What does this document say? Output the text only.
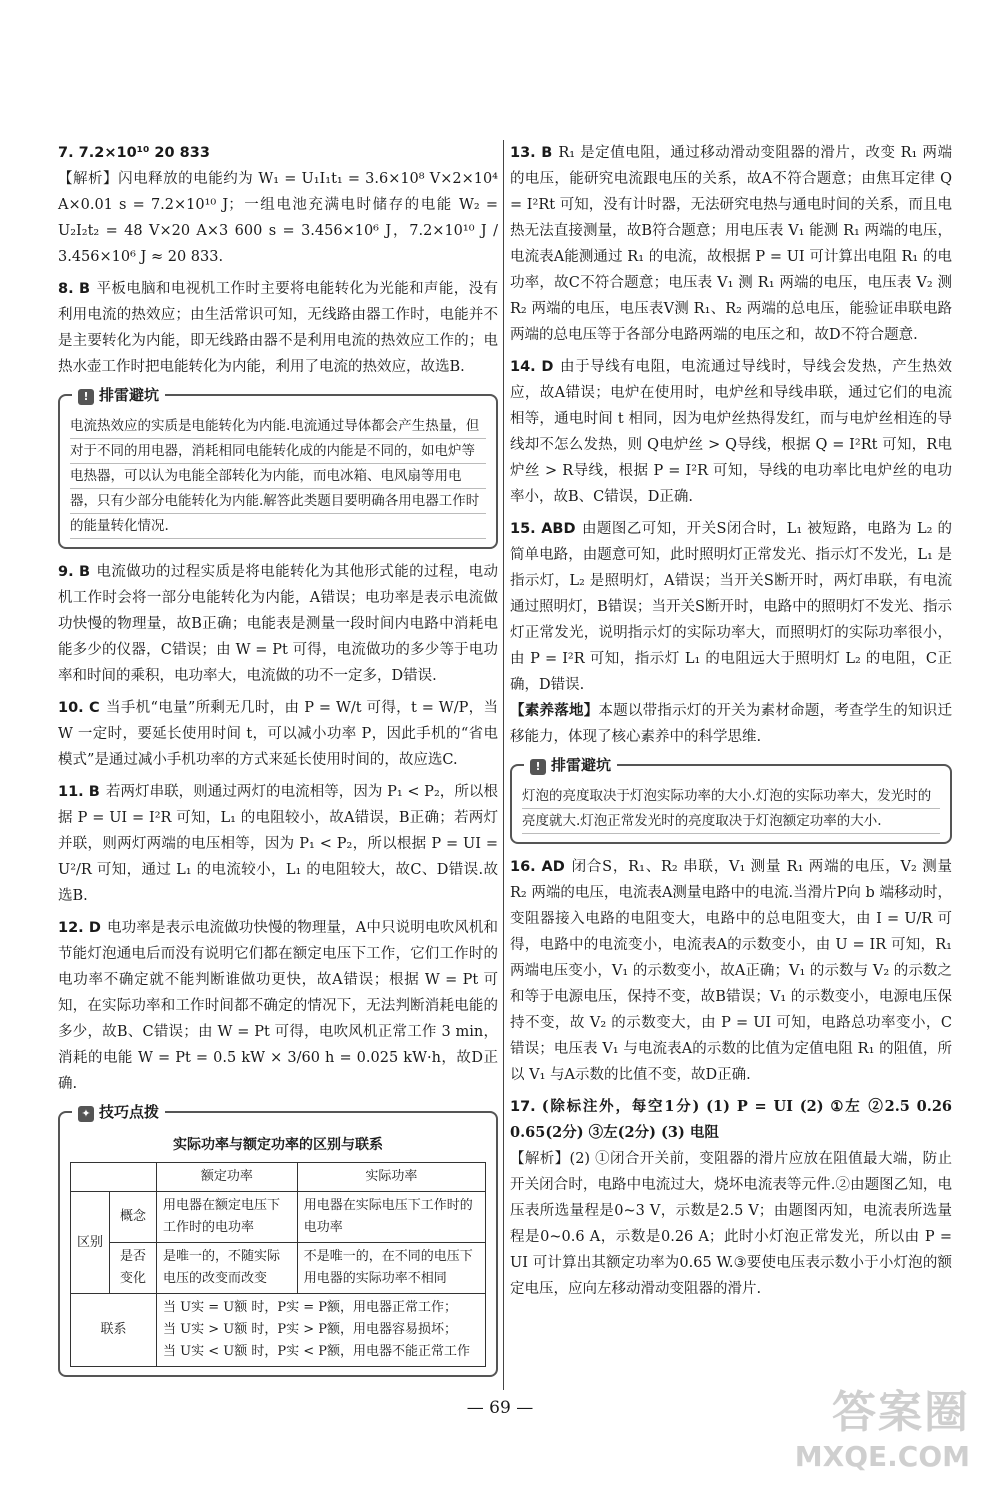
7. 7.2×10¹⁰ 20 833
【解析】闪电释放的电能约为 W₁ = U₁I₁t₁ = 3.6×10⁸ V×2×10⁴ A×0.01 s = 7.2×10¹⁰ J；一组电池充满电时储存的电能 W₂ = U₂I₂t₂ = 48 V×20 A×3 600 s = 3.456×10⁶ J，7.2×10¹⁰ J / 3.456×10⁶ J ≈ 20 833.
8. B 平板电脑和电视机工作时主要将电能转化为光能和声能，没有利用电流的热效应；由生活常识可知，无线路由器工作时，电能并不是主要转化为内能，即无线路由器不是利用电流的热效应工作的；电热水壶工作时把电能转化为内能，利用了电流的热效应，故选B.
! 排雷避坑
电流热效应的实质是电能转化为内能.电流通过导体都会产生热量，但对于不同的用电器，消耗相同电能转化成的内能是不同的，如电炉等电热器，可以认为电能全部转化为内能，而电冰箱、电风扇等用电器，只有少部分电能转化为内能.解答此类题目要明确各用电器工作时的能量转化情况.
9. B 电流做功的过程实质是将电能转化为其他形式能的过程，电动机工作时会将一部分电能转化为内能，A错误；电功率是表示电流做功快慢的物理量，故B正确；电能表是测量一段时间内电路中消耗电能多少的仪器，C错误；由 W = Pt 可得，电流做功的多少等于电功率和时间的乘积，电功率大，电流做的功不一定多，D错误.
10. C 当手机“电量”所剩无几时，由 P = W/t 可得，t = W/P，当 W 一定时，要延长使用时间 t，可以减小功率 P，因此手机的“省电模式”是通过减小手机功率的方式来延长使用时间的，故应选C.
11. B 若两灯串联，则通过两灯的电流相等，因为 P₁ < P₂，所以根据 P = UI = I²R 可知，L₁ 的电阻较小，故A错误，B正确；若两灯并联，则两灯两端的电压相等，因为 P₁ < P₂，所以根据 P = UI = U²/R 可知，通过 L₁ 的电流较小，L₁ 的电阻较大，故C、D错误.故选B.
12. D 电功率是表示电流做功快慢的物理量，A中只说明电吹风机和节能灯泡通电后而没有说明它们都在额定电压下工作，它们工作时的电功率不确定就不能判断谁做功更快，故A错误；根据 W = Pt 可知，在实际功率和工作时间都不确定的情况下，无法判断消耗电能的多少，故B、C错误；由 W = Pt 可得，电吹风机正常工作 3 min，消耗的电能 W = Pt = 0.5 kW × 3/60 h = 0.025 kW·h，故D正确.
✦ 技巧点拨
实际功率与额定功率的区别与联系
		额定功率	实际功率
区别	概念	用电器在额定电压下工作时的电功率	用电器在实际电压下工作时的电功率
	是否变化	是唯一的，不随实际电压的改变而改变	不是唯一的，在不同的电压下用电器的实际功率不相同
联系		当 U实 = U额 时，P实 = P额，用电器正常工作；
当 U实 > U额 时，P实 > P额，用电器容易损坏；
当 U实 < U额 时，P实 < P额，用电器不能正常工作	
13. B R₁ 是定值电阻，通过移动滑动变阻器的滑片，改变 R₁ 两端的电压，能研究电流跟电压的关系，故A不符合题意；由焦耳定律 Q = I²Rt 可知，没有计时器，无法研究电热与通电时间的关系，而且电热无法直接测量，故B符合题意；用电压表 V₁ 能测 R₁ 两端的电压，电流表A能测通过 R₁ 的电流，故根据 P = UI 可计算出电阻 R₁ 的电功率，故C不符合题意；电压表 V₁ 测 R₁ 两端的电压，电压表 V₂ 测 R₂ 两端的电压，电压表V测 R₁、R₂ 两端的总电压，能验证串联电路两端的总电压等于各部分电路两端的电压之和，故D不符合题意.
14. D 由于导线有电阻，电流通过导线时，导线会发热，产生热效应，故A错误；电炉在使用时，电炉丝和导线串联，通过它们的电流相等，通电时间 t 相同，因为电炉丝热得发红，而与电炉丝相连的导线却不怎么发热，则 Q电炉丝 > Q导线，根据 Q = I²Rt 可知，R电炉丝 > R导线，根据 P = I²R 可知，导线的电功率比电炉丝的电功率小，故B、C错误，D正确.
15. ABD 由题图乙可知，开关S闭合时，L₁ 被短路，电路为 L₂ 的简单电路，由题意可知，此时照明灯正常发光、指示灯不发光，L₁ 是指示灯，L₂ 是照明灯，A错误；当开关S断开时，两灯串联，有电流通过照明灯，B错误；当开关S断开时，电路中的照明灯不发光、指示灯正常发光，说明指示灯的实际功率大，而照明灯的实际功率很小，由 P = I²R 可知，指示灯 L₁ 的电阻远大于照明灯 L₂ 的电阻，C正确，D错误.
【素养落地】本题以带指示灯的开关为素材命题，考查学生的知识迁移能力，体现了核心素养中的科学思维.
! 排雷避坑
灯泡的亮度取决于灯泡实际功率的大小.灯泡的实际功率大，发光时的亮度就大.灯泡正常发光时的亮度取决于灯泡额定功率的大小.
16. AD 闭合S，R₁、R₂ 串联，V₁ 测量 R₁ 两端的电压，V₂ 测量 R₂ 两端的电压，电流表A测量电路中的电流.当滑片P向 b 端移动时，变阻器接入电路的电阻变大，电路中的总电阻变大，由 I = U/R 可得，电路中的电流变小，电流表A的示数变小，由 U = IR 可知，R₁ 两端电压变小，V₁ 的示数变小，故A正确；V₁ 的示数与 V₂ 的示数之和等于电源电压，保持不变，故B错误；V₁ 的示数变小，电源电压保持不变，故 V₂ 的示数变大，由 P = UI 可知，电路总功率变小，C错误；电压表 V₁ 与电流表A的示数的比值为定值电阻 R₁ 的阻值，所以 V₁ 与A示数的比值不变，故D正确.
17. (除标注外，每空1分) (1) P = UI (2) ①左 ②2.5 0.26 0.65(2分) ③左(2分) (3) 电阻
【解析】(2) ①闭合开关前，变阻器的滑片应放在阻值最大端，防止开关闭合时，电路中电流过大，烧坏电流表等元件.②由题图乙知，电压表所选量程是0~3 V，示数是2.5 V；由题图丙知，电流表所选量程是0~0.6 A，示数是0.26 A；此时小灯泡正常发光，所以由 P = UI 可计算出其额定功率为0.65 W.③要使电压表示数小于小灯泡的额定电压，应向左移动滑动变阻器的滑片.
— 69 —	答案圈
MXQE.COM
